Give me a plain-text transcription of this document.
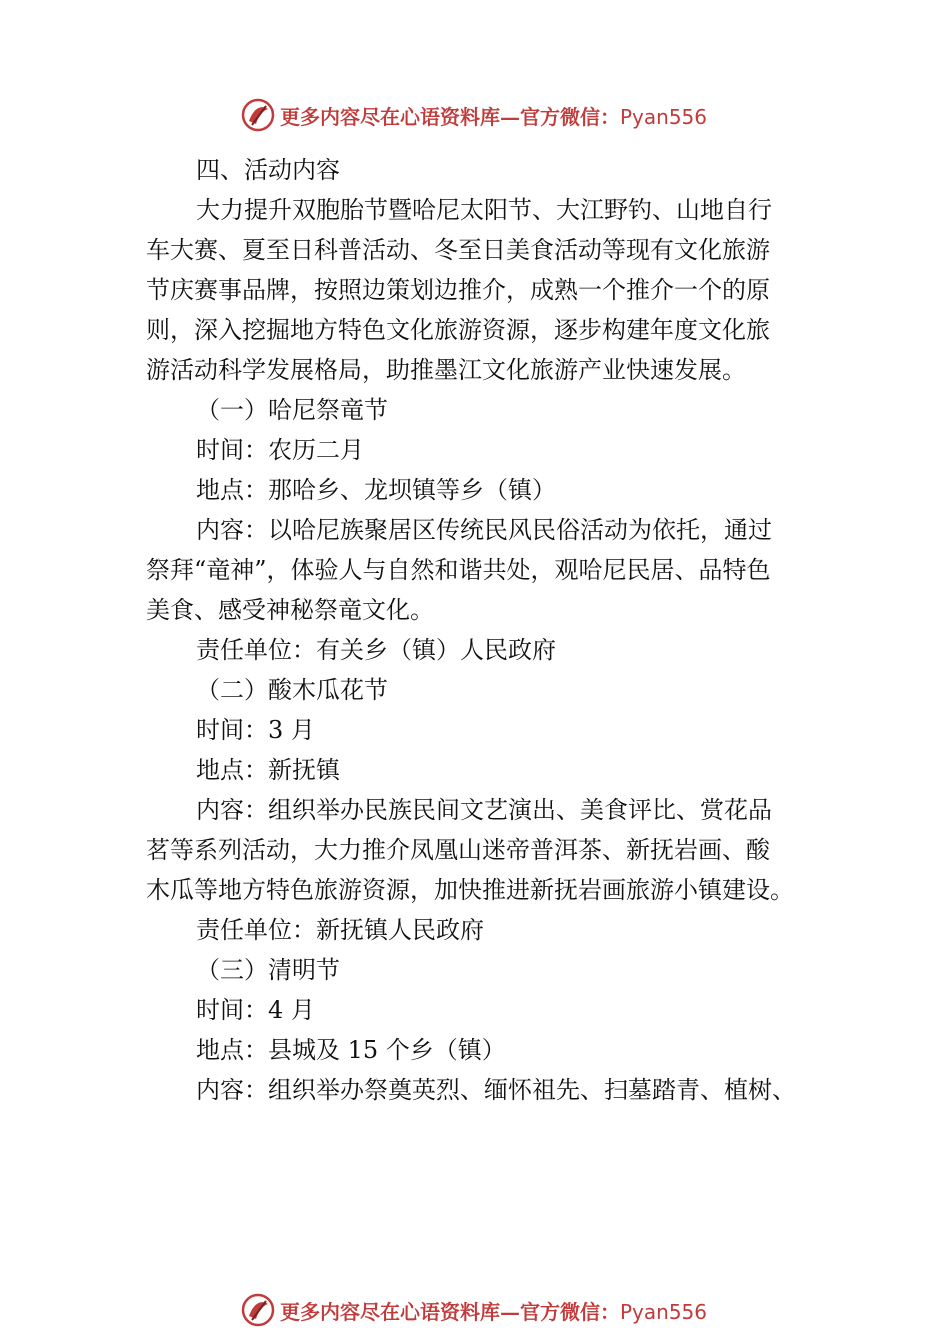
更多内容尽在心语资料库—官方微信：Pyan556
四、活动内容
大力提升双胞胎节暨哈尼太阳节、大江野钓、山地自行
车大赛、夏至日科普活动、冬至日美食活动等现有文化旅游
节庆赛事品牌，按照边策划边推介，成熟一个推介一个的原
则，深入挖掘地方特色文化旅游资源，逐步构建年度文化旅
游活动科学发展格局，助推墨江文化旅游产业快速发展。
（一）哈尼祭竜节
时间：农历二月
地点：那哈乡、龙坝镇等乡（镇）
内容：以哈尼族聚居区传统民风民俗活动为依托，通过
祭拜“竜神”，体验人与自然和谐共处，观哈尼民居、品特色
美食、感受神秘祭竜文化。
责任单位：有关乡（镇）人民政府
（二）酸木瓜花节
时间：3 月
地点：新抚镇
内容：组织举办民族民间文艺演出、美食评比、赏花品
茗等系列活动，大力推介凤凰山迷帝普洱茶、新抚岩画、酸
木瓜等地方特色旅游资源，加快推进新抚岩画旅游小镇建设。
责任单位：新抚镇人民政府
（三）清明节
时间：4 月
地点：县城及 15 个乡（镇）
内容：组织举办祭奠英烈、缅怀祖先、扫墓踏青、植树、
更多内容尽在心语资料库—官方微信：Pyan556
